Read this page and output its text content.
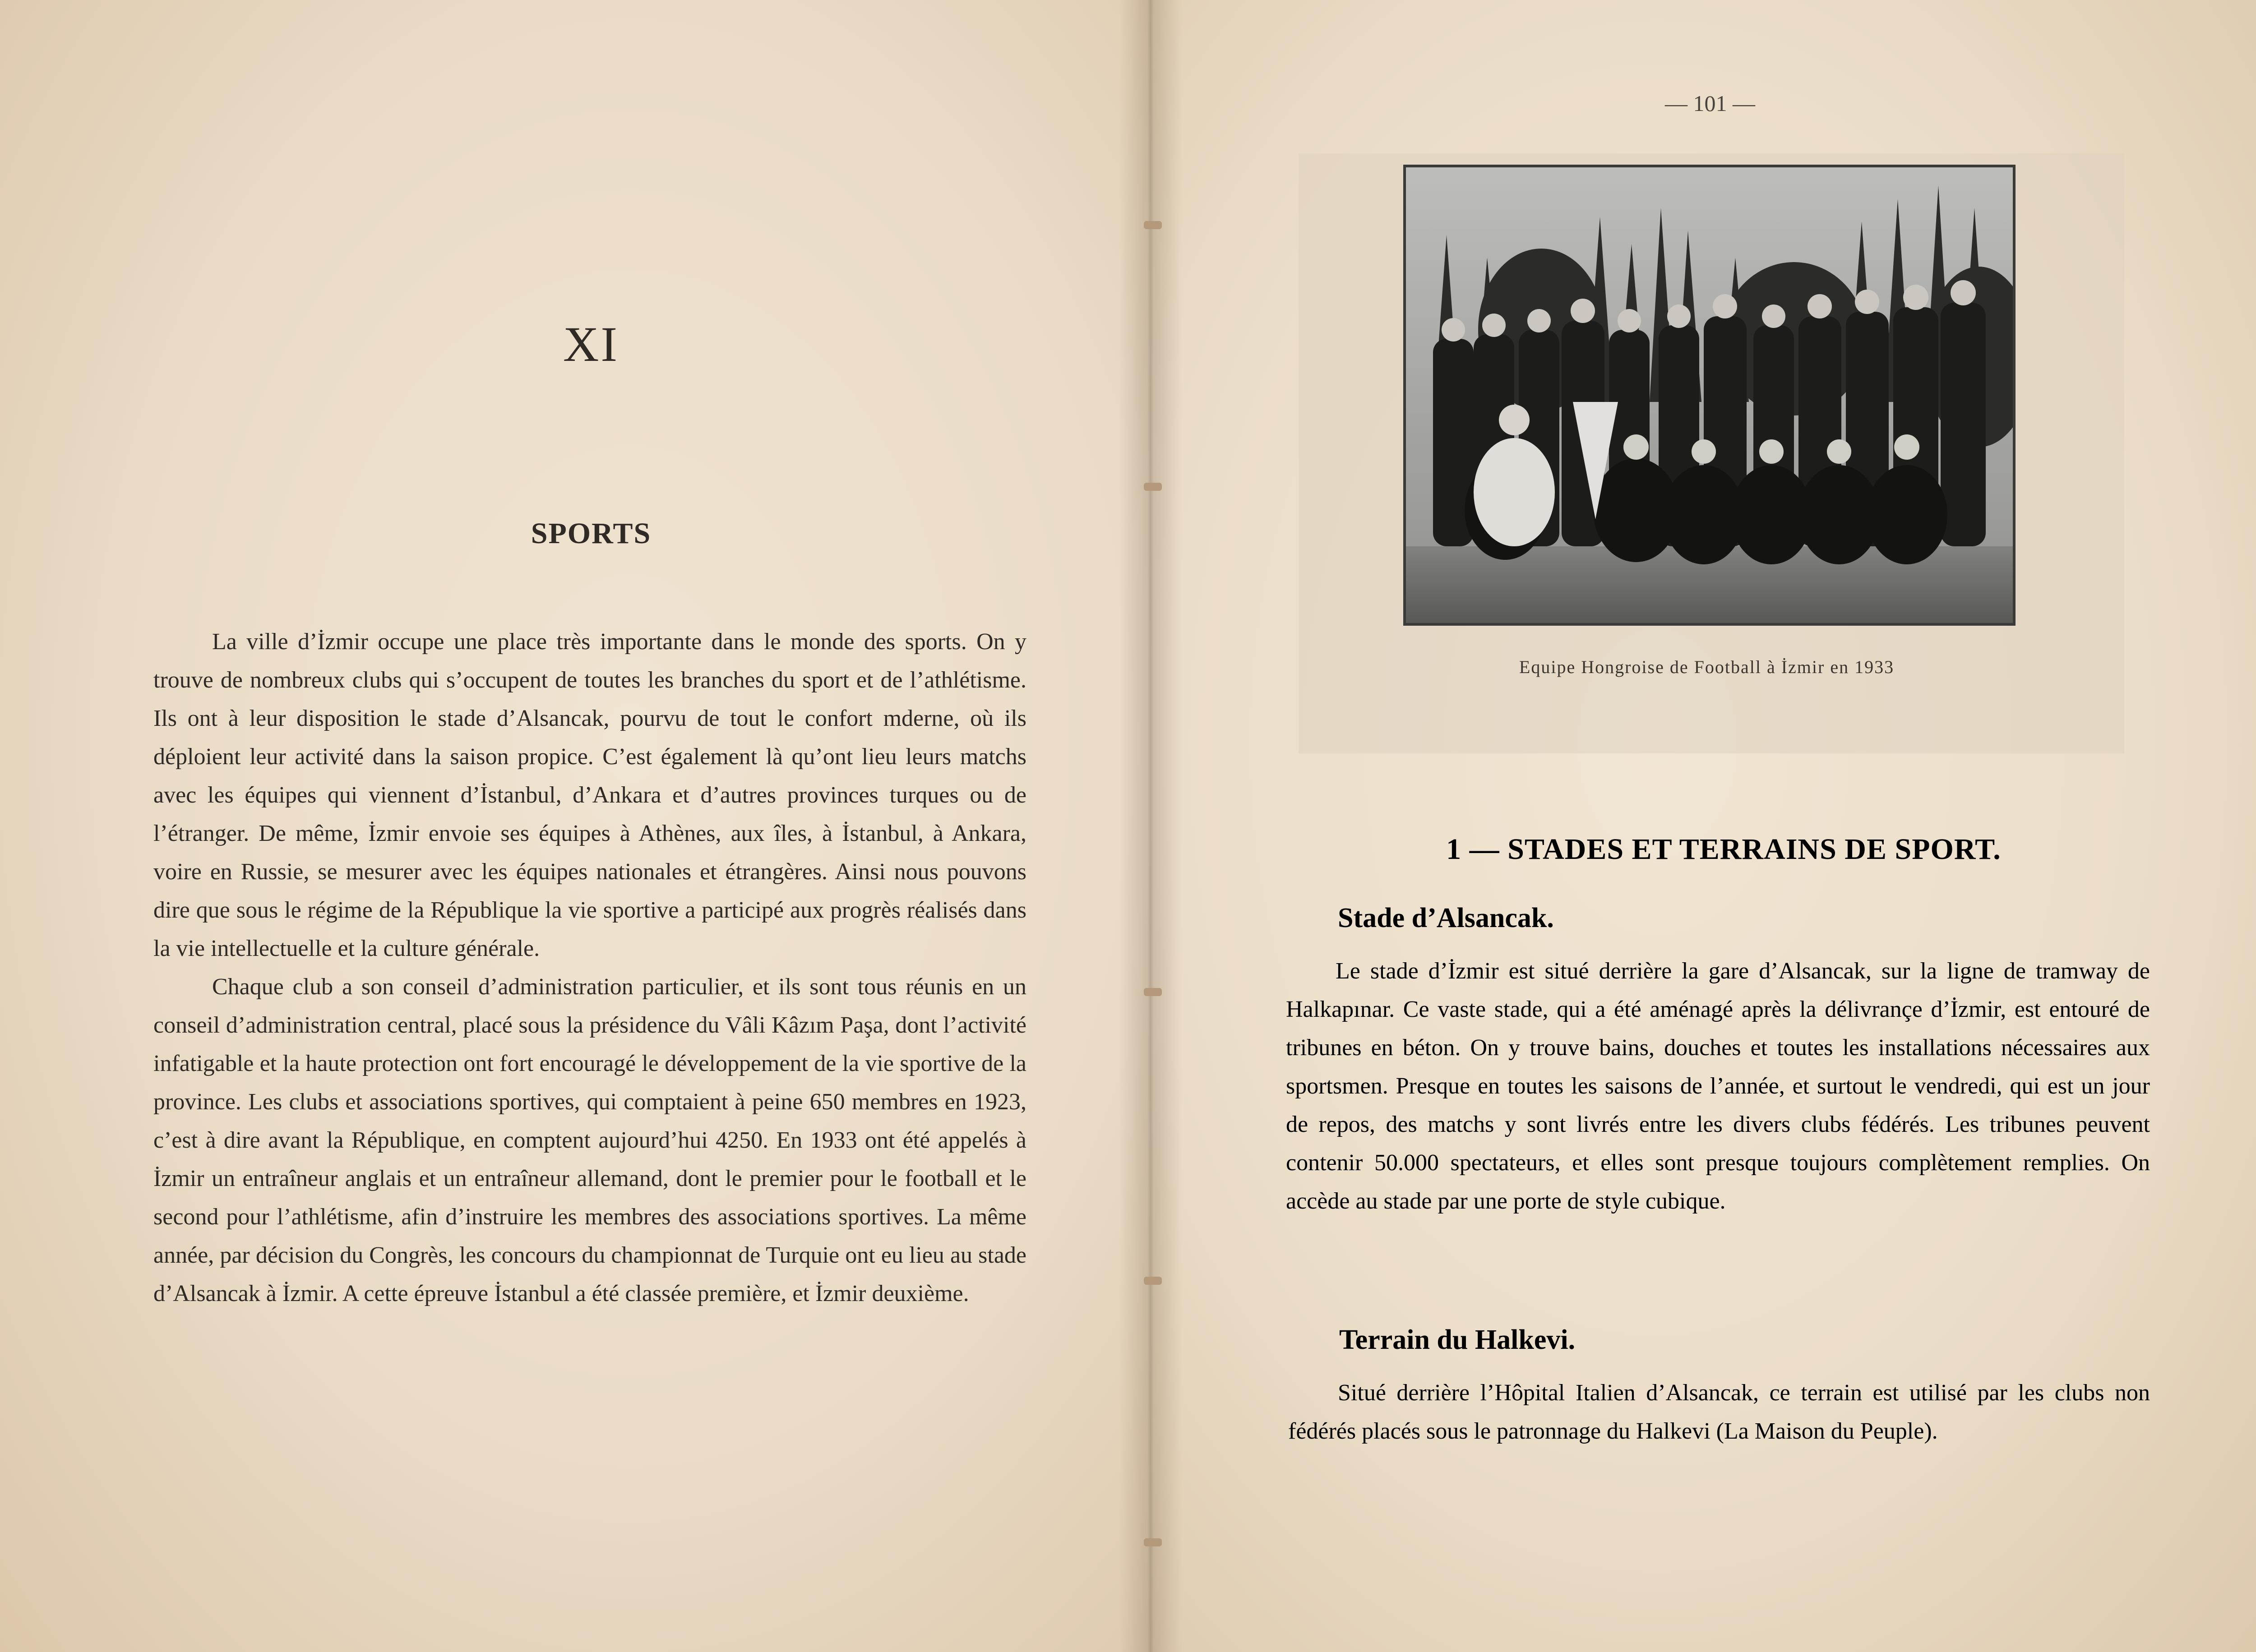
XI
SPORTS

La ville d’İzmir occupe une place très importante dans le monde des sports. On y trouve de nombreux clubs qui s’occupent de toutes les branches du sport et de l’athlétisme. Ils ont à leur disposition le stade d’Alsancak, pourvu de tout le confort mderne, où ils déploient leur activité dans la saison propice. C’est également là qu’ont lieu leurs matchs avec les équipes qui viennent d’İstanbul, d’Ankara et d’autres provinces turques ou de l’étranger. De même, İzmir envoie ses équipes à Athènes, aux îles, à İstanbul, à Ankara, voire en Russie, se mesurer avec les équipes nationales et étrangères. Ainsi nous pouvons dire que sous le régime de la République la vie sportive a participé aux progrès réalisés dans la vie intellectuelle et la culture générale.

Chaque club a son conseil d’administration particulier, et ils sont tous réunis en un conseil d’administration central, placé sous la présidence du Vâli Kâzım Paşa, dont l’activité infatigable et la haute protection ont fort encouragé le développement de la vie sportive de la province. Les clubs et associations sportives, qui comptaient à peine 650 membres en 1923, c’est à dire avant la République, en comptent aujourd’hui 4250. En 1933 ont été appelés à İzmir un entraîneur anglais et un entraîneur allemand, dont le premier pour le football et le second pour l’athlétisme, afin d’instruire les membres des associations sportives. La même année, par décision du Congrès, les concours du championnat de Turquie ont eu lieu au stade d’Alsancak à İzmir. A cette épreuve İstanbul a été classée première, et İzmir deuxième.

— 101 —
Equipe Hongroise de Football à İzmir en 1933
1 — STADES ET TERRAINS DE SPORT.
Stade d’Alsancak.

Le stade d’İzmir est situé derrière la gare d’Alsancak, sur la ligne de tramway de Halkapınar. Ce vaste stade, qui a été aménagé après la délivrançe d’İzmir, est entouré de tribunes en béton. On y trouve bains, douches et toutes les installations nécessaires aux sportsmen. Presque en toutes les saisons de l’année, et surtout le vendredi, qui est un jour de repos, des matchs y sont livrés entre les divers clubs fédérés. Les tribunes peuvent contenir 50.000 spectateurs, et elles sont presque toujours complètement remplies. On accède au stade par une porte de style cubique.

Terrain du Halkevi.

Situé derrière l’Hôpital Italien d’Alsancak, ce terrain est utilisé par les clubs non fédérés placés sous le patronnage du Halkevi (La Maison du Peuple).
